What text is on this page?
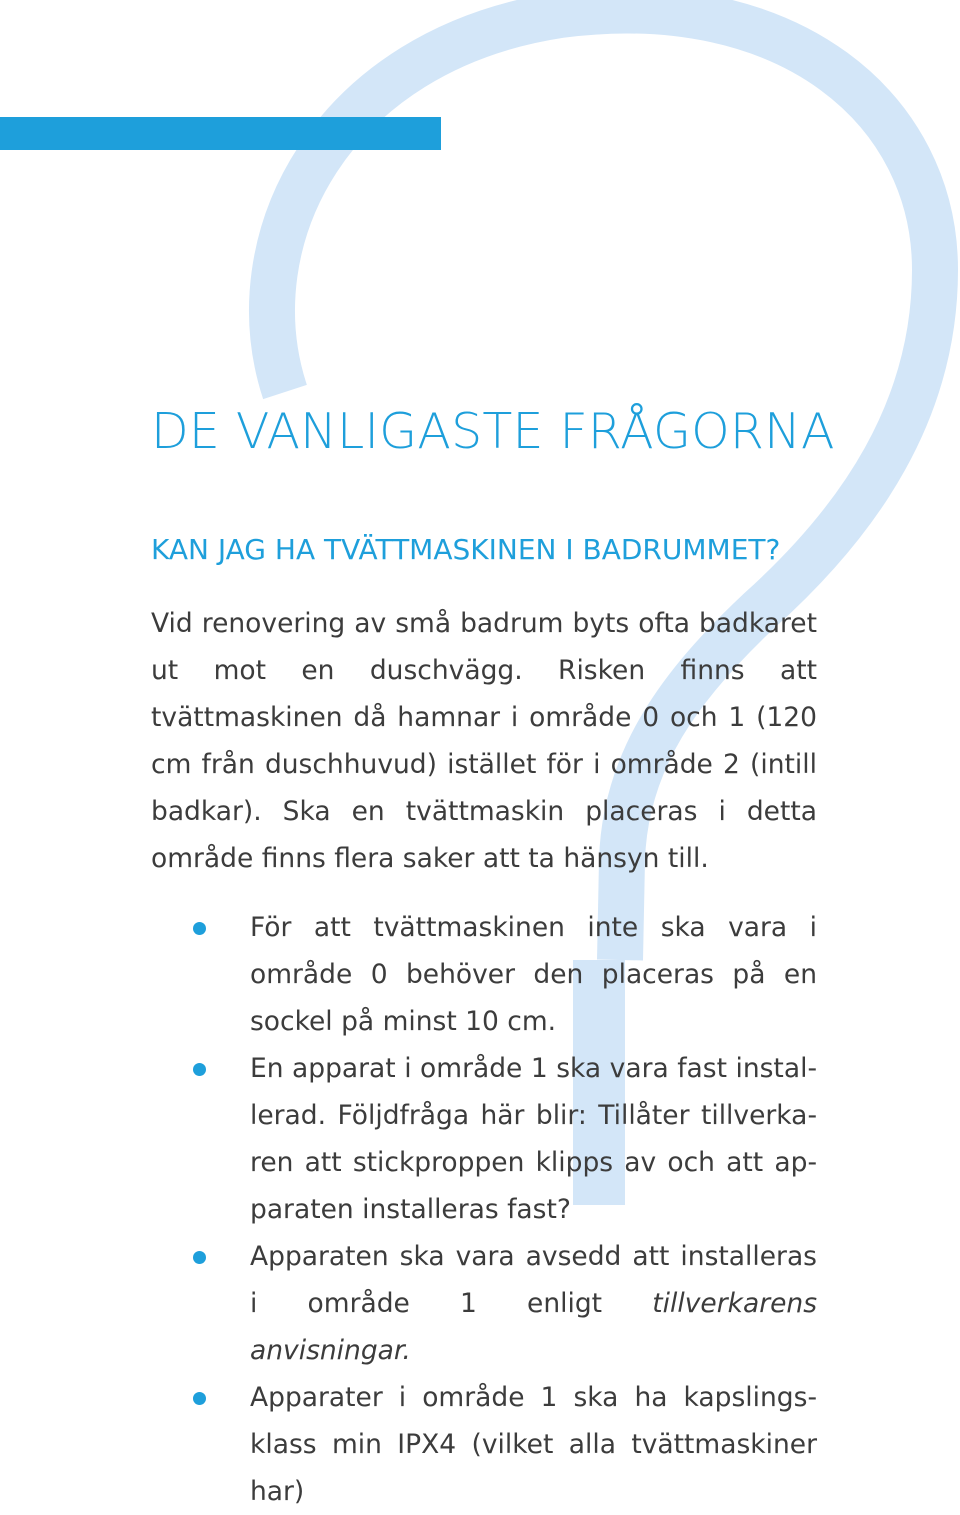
DE VANLIGASTE FRÅGORNA
KAN JAG HA TVÄTTMASKINEN I BADRUMMET?

Vid renovering av små badrum byts ofta badkaret ut mot en duschvägg. Risken finns att tvättmaskinen då hamnar i område 0 och 1 (120 cm från duschhuvud) istället för i område 2 (intill badkar). Ska en tvättmaskin placeras i detta område finns flera saker att ta hänsyn till.

För att tvättmaskinen inte ska vara i område 0 behöver den placeras på en sockel på minst 10 cm.
En apparat i område 1 ska vara fast installerad. Följdfråga här blir: Tillåter tillverkaren att stickproppen klipps av och att apparaten installeras fast?
Apparaten ska vara avsedd att installeras i område 1 enligt tillverkarens anvisningar.
Apparater i område 1 ska ha kapslingsklass min IPX4 (vilket alla tvättmaskiner har)
